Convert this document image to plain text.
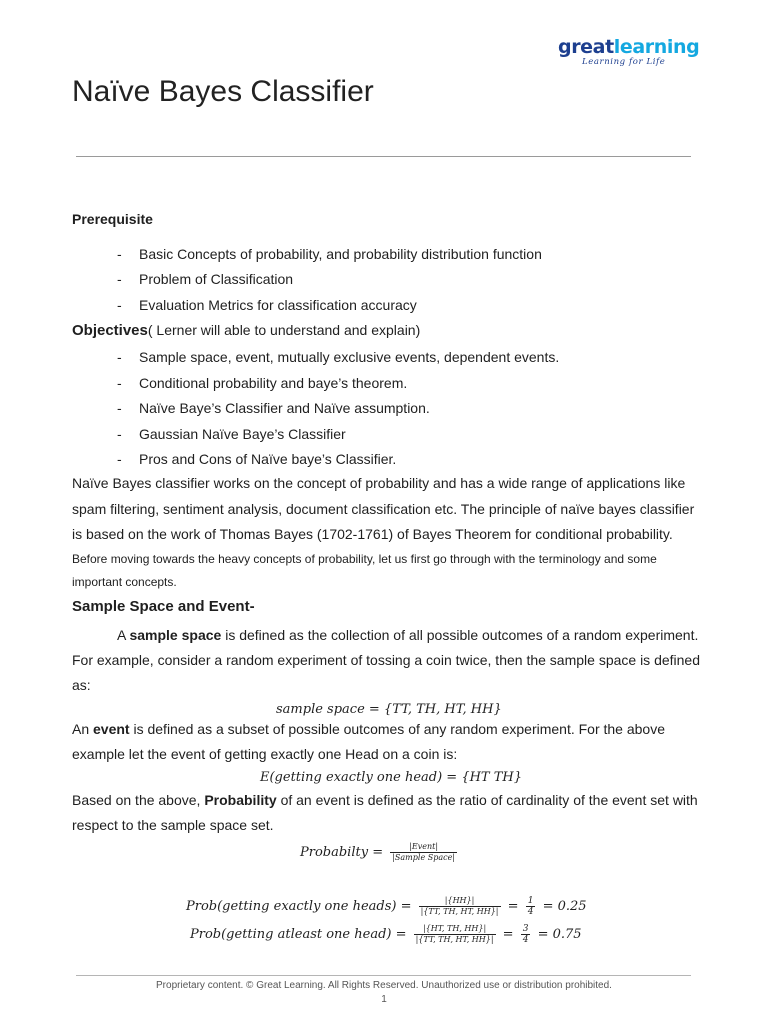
greatlearning
Learning for Life
Naïve Bayes Classifier
Prerequisite
- Basic Concepts of probability, and probability distribution function
- Problem of Classification
- Evaluation Metrics for classification accuracy
Objectives( Lerner will able to understand and explain)
- Sample space, event, mutually exclusive events, dependent events.
- Conditional probability and baye’s theorem.
- Naïve Baye’s Classifier and Naïve assumption.
- Gaussian Naïve Baye’s Classifier
- Pros and Cons of Naïve baye’s Classifier.
Naïve Bayes classifier works on the concept of probability and has a wide range of applications like
spam filtering, sentiment analysis, document classification etc. The principle of naïve bayes classifier
is based on the work of Thomas Bayes (1702-1761) of Bayes Theorem for conditional probability.
Before moving towards the heavy concepts of probability, let us first go through with the terminology and some
important concepts.
Sample Space and Event-
A sample space is defined as the collection of all possible outcomes of a random experiment.
For example, consider a random experiment of tossing a coin twice, then the sample space is defined
as:
sample space = {TT, TH, HT, HH}
An event is defined as a subset of possible outcomes of any random experiment. For the above
example let the event of getting exactly one Head on a coin is:
E(getting exactly one head) = {HT TH}
Based on the above, Probability of an event is defined as the ratio of cardinality of the event set with
respect to the sample space set.
Probabilty = $\frac{\text{|Event|}}{\text{|Sample Space|}}$
Prob(getting exactly one heads) = $\frac{|\{HH\}|}{|\{TT, TH, HT, HH\}|} = \frac{1}{4} = 0.25$
Prob(getting atleast one head) = $\frac{|\{HT, TH, HH\}|}{|\{TT, TH, HT, HH\}|} = \frac{3}{4} = 0.75$
Proprietary content. © Great Learning. All Rights Reserved. Unauthorized use or distribution prohibited.
1
